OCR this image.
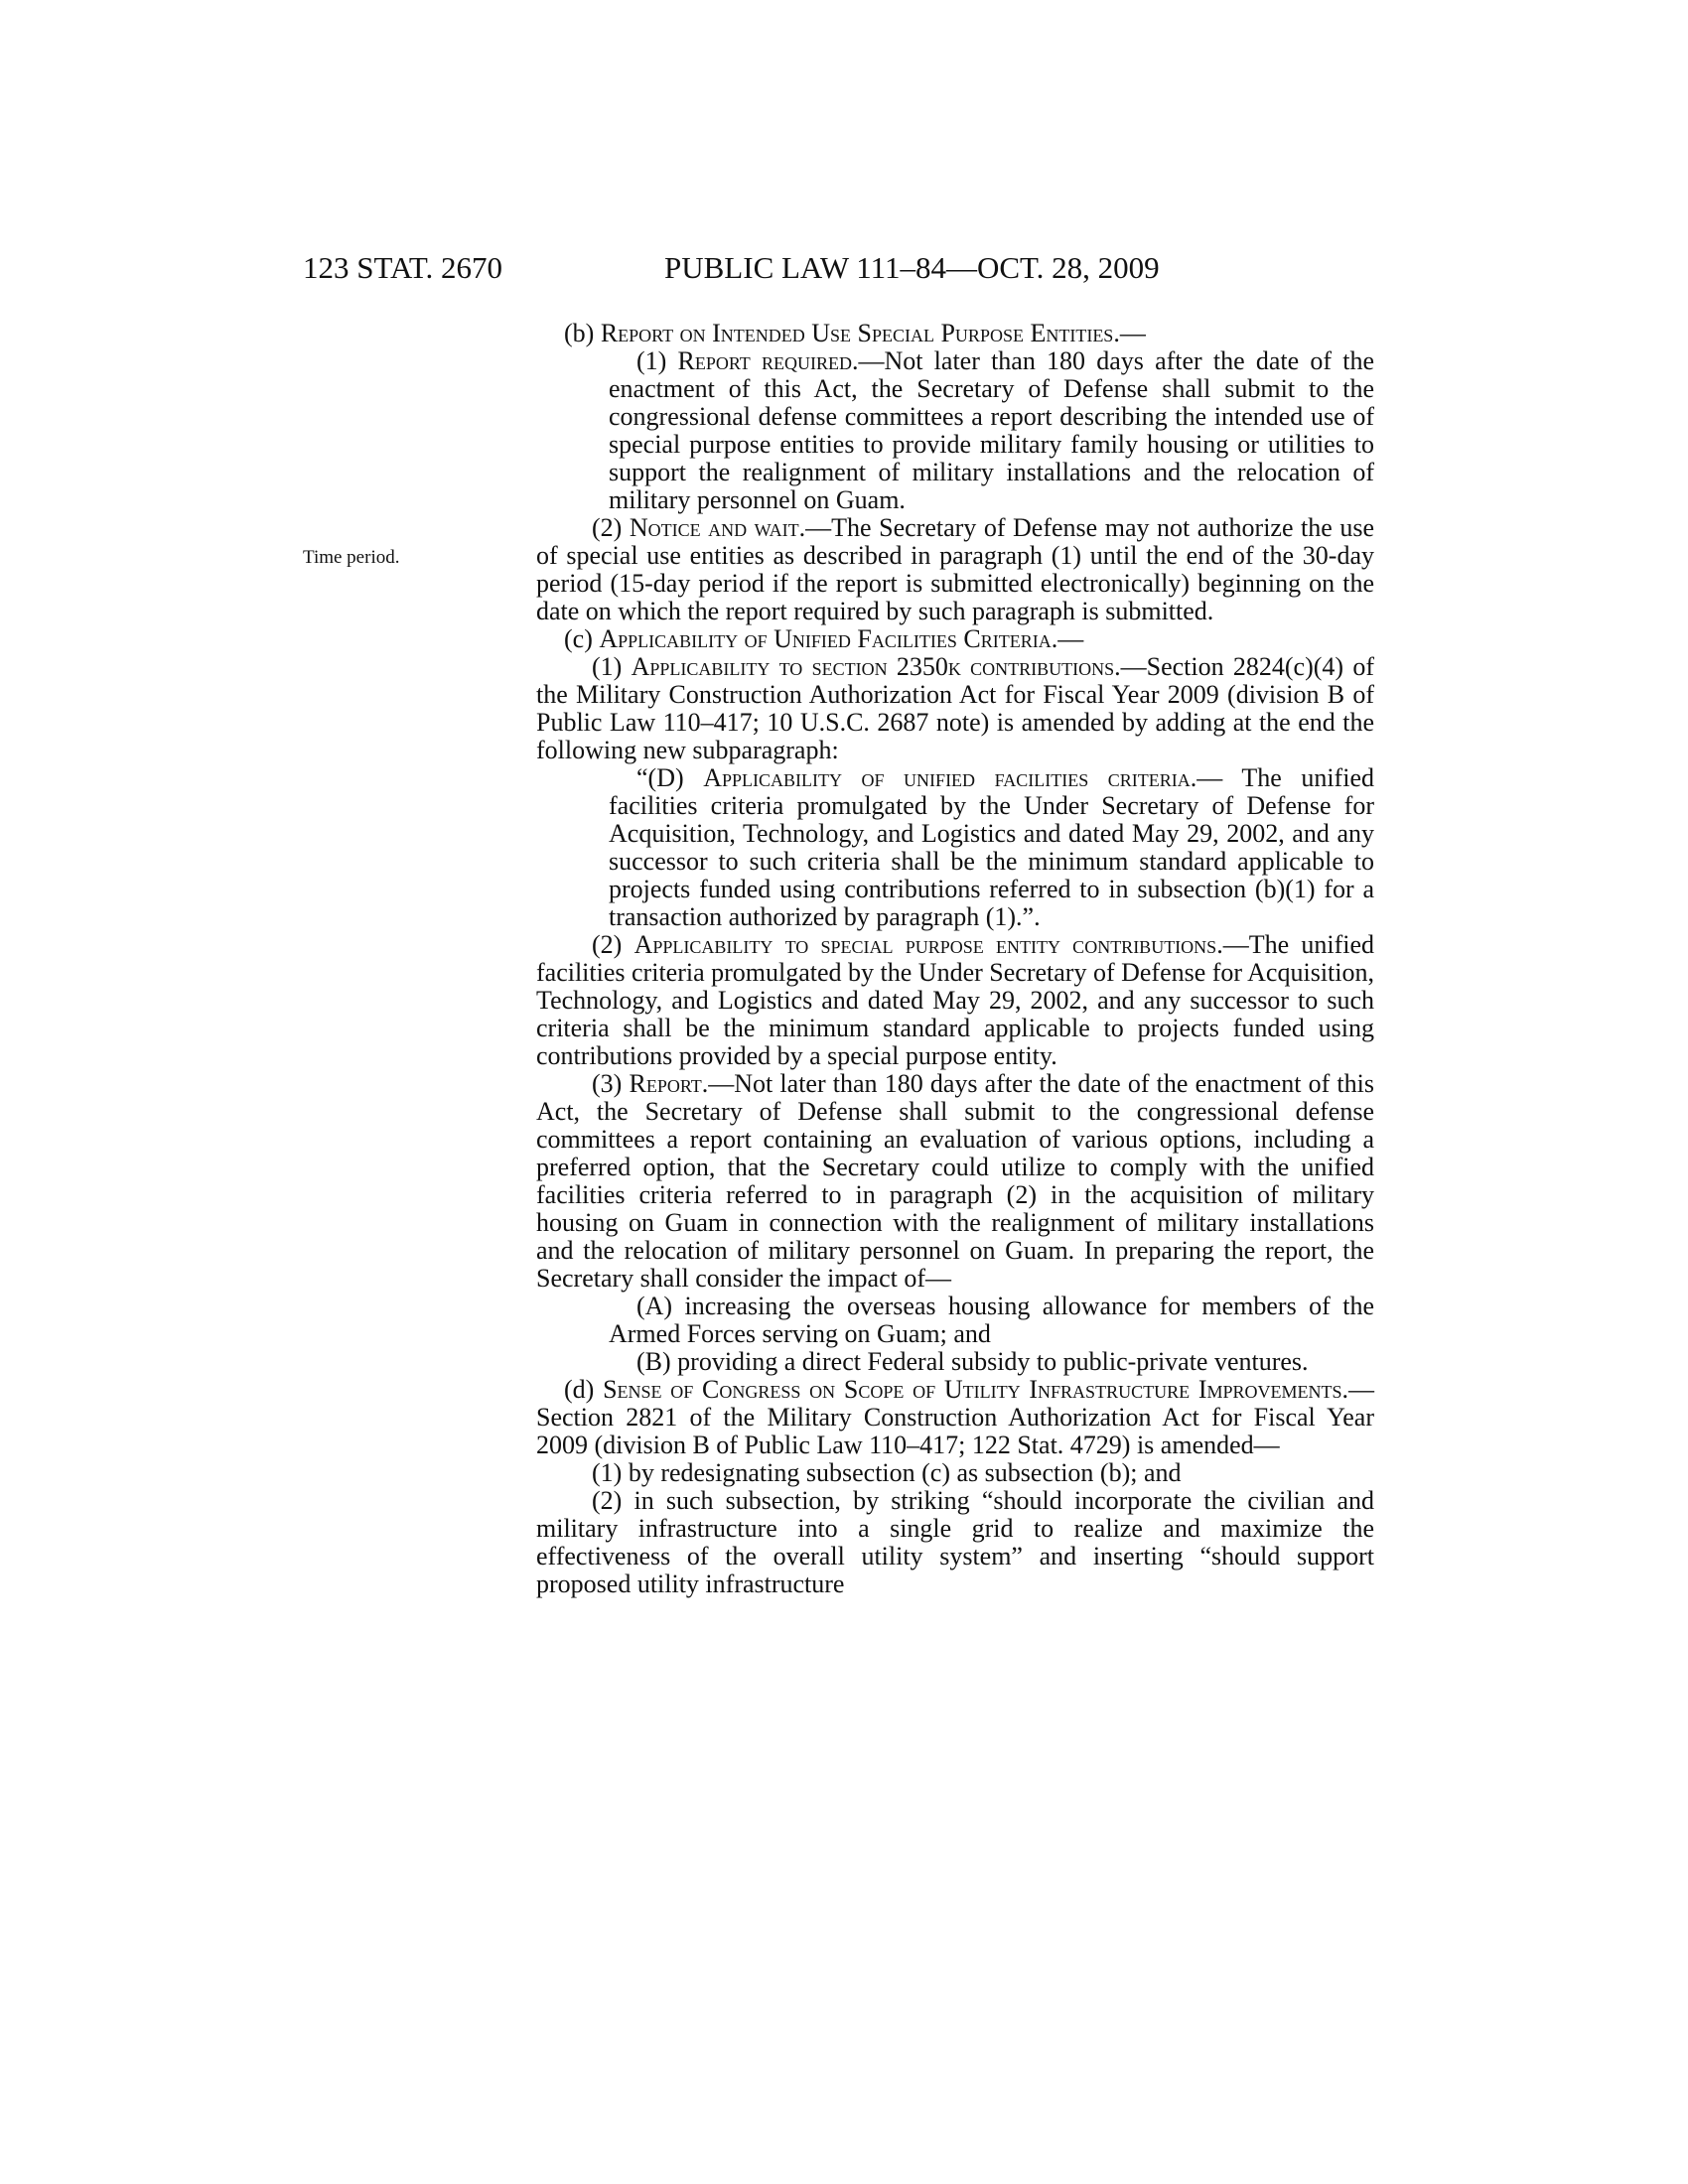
123 STAT. 2670	PUBLIC LAW 111–84—OCT. 28, 2009
Time period.

(b) Report on Intended Use Special Purpose Entities.—

(1) Report required.—Not later than 180 days after the date of the enactment of this Act, the Secretary of Defense shall submit to the congressional defense committees a report describing the intended use of special purpose entities to provide military family housing or utilities to support the realignment of military installations and the relocation of military personnel on Guam.

(2) Notice and wait.—The Secretary of Defense may not authorize the use of special use entities as described in paragraph (1) until the end of the 30-day period (15-day period if the report is submitted electronically) beginning on the date on which the report required by such paragraph is submitted.

(c) Applicability of Unified Facilities Criteria.—

(1) Applicability to section 2350k contributions.—Section 2824(c)(4) of the Military Construction Authorization Act for Fiscal Year 2009 (division B of Public Law 110–417; 10 U.S.C. 2687 note) is amended by adding at the end the following new subparagraph:

“(D) Applicability of unified facilities criteria.— The unified facilities criteria promulgated by the Under Secretary of Defense for Acquisition, Technology, and Logistics and dated May 29, 2002, and any successor to such criteria shall be the minimum standard applicable to projects funded using contributions referred to in subsection (b)(1) for a transaction authorized by paragraph (1).”.

(2) Applicability to special purpose entity contributions.—The unified facilities criteria promulgated by the Under Secretary of Defense for Acquisition, Technology, and Logistics and dated May 29, 2002, and any successor to such criteria shall be the minimum standard applicable to projects funded using contributions provided by a special purpose entity.

(3) Report.—Not later than 180 days after the date of the enactment of this Act, the Secretary of Defense shall submit to the congressional defense committees a report containing an evaluation of various options, including a preferred option, that the Secretary could utilize to comply with the unified facilities criteria referred to in paragraph (2) in the acquisition of military housing on Guam in connection with the realignment of military installations and the relocation of military personnel on Guam. In preparing the report, the Secretary shall consider the impact of—

(A) increasing the overseas housing allowance for members of the Armed Forces serving on Guam; and

(B) providing a direct Federal subsidy to public-private ventures.

(d) Sense of Congress on Scope of Utility Infrastructure Improvements.—Section 2821 of the Military Construction Authorization Act for Fiscal Year 2009 (division B of Public Law 110–417; 122 Stat. 4729) is amended—

(1) by redesignating subsection (c) as subsection (b); and

(2) in such subsection, by striking “should incorporate the civilian and military infrastructure into a single grid to realize and maximize the effectiveness of the overall utility system” and inserting “should support proposed utility infrastructure
